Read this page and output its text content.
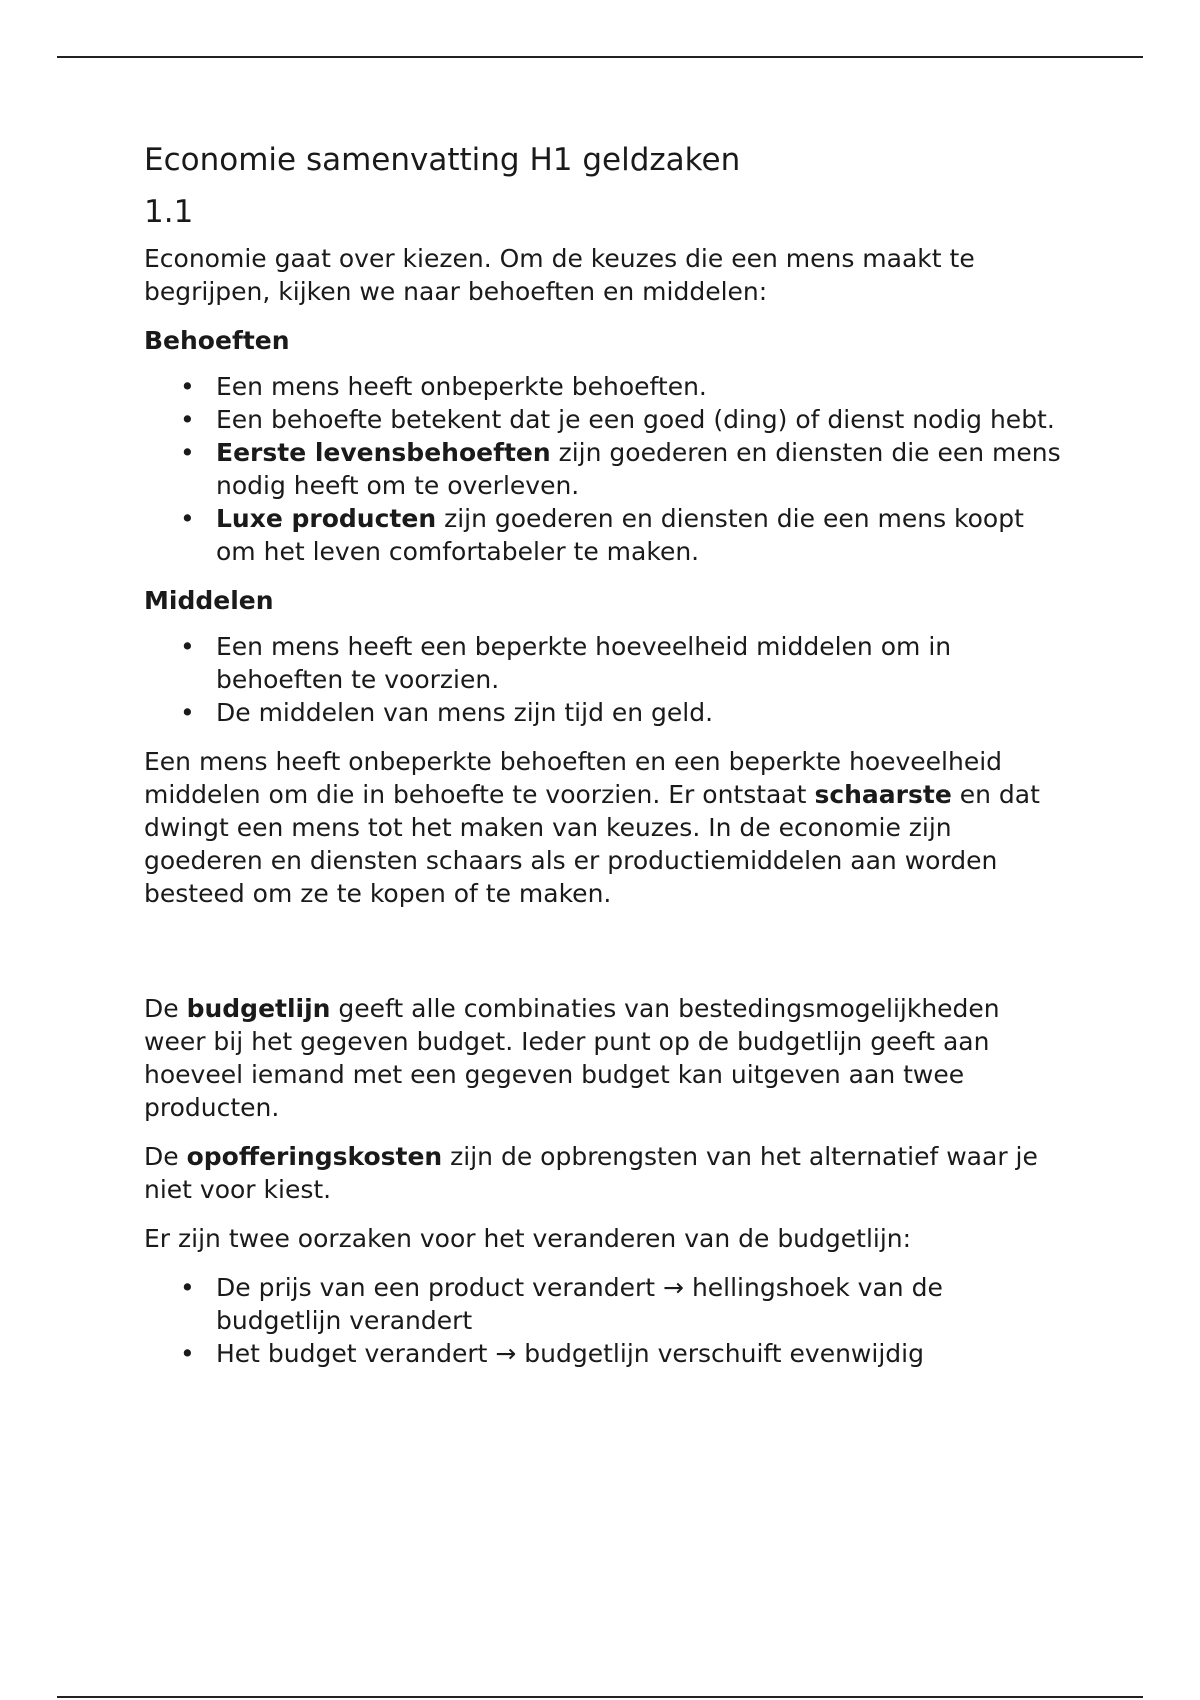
Economie samenvatting H1 geldzaken
1.1

Economie gaat over kiezen. Om de keuzes die een mens maakt te begrijpen, kijken we naar behoeften en middelen:

Behoeften
• Een mens heeft onbeperkte behoeften.
• Een behoefte betekent dat je een goed (ding) of dienst nodig hebt.
• Eerste levensbehoeften zijn goederen en diensten die een mens nodig heeft om te overleven.
• Luxe producten zijn goederen en diensten die een mens koopt om het leven comfortabeler te maken.
Middelen
• Een mens heeft een beperkte hoeveelheid middelen om in behoeften te voorzien.
• De middelen van mens zijn tijd en geld.

Een mens heeft onbeperkte behoeften en een beperkte hoeveelheid middelen om die in behoefte te voorzien. Er ontstaat schaarste en dat dwingt een mens tot het maken van keuzes. In de economie zijn goederen en diensten schaars als er productiemiddelen aan worden besteed om ze te kopen of te maken.

De budgetlijn geeft alle combinaties van bestedingsmogelijkheden weer bij het gegeven budget. Ieder punt op de budgetlijn geeft aan hoeveel iemand met een gegeven budget kan uitgeven aan twee producten.

De opofferingskosten zijn de opbrengsten van het alternatief waar je niet voor kiest.

Er zijn twee oorzaken voor het veranderen van de budgetlijn:

• De prijs van een product verandert → hellingshoek van de budgetlijn verandert
• Het budget verandert → budgetlijn verschuift evenwijdig
